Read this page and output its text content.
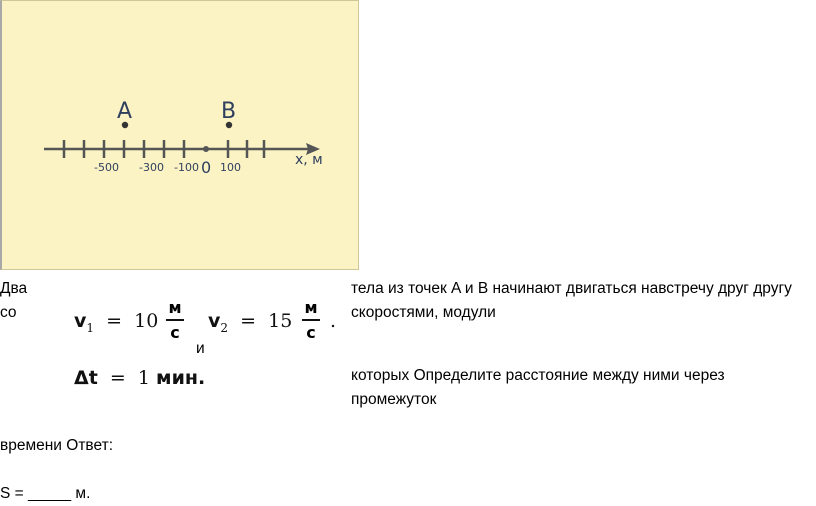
A	B
-500 -300 -100 100
0	x, м
Два
со
тела из точек A и B начинают двигаться навстречу друг другу
скоростями, модули
которых Определите расстояние между ними через
промежуток
времени Ответ:
S = _____ м.
$v_1 = 10$
м
с
и
$v_2 = 15$
м
с .
Δt = 1 мин.
